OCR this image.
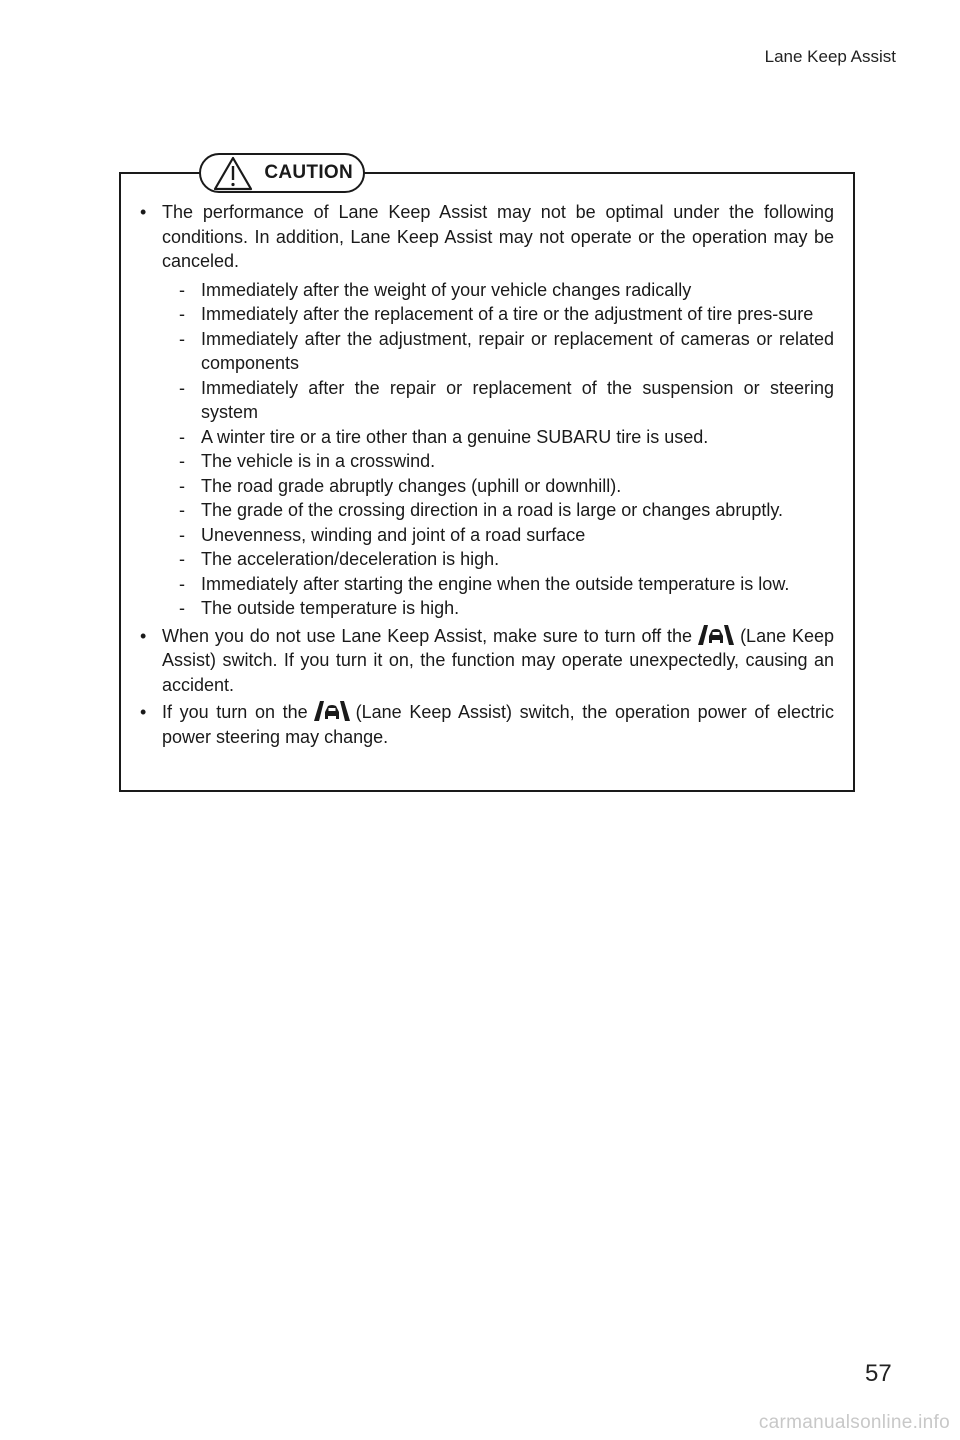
Lane Keep Assist
CAUTION
• The performance of Lane Keep Assist may not be optimal under the following conditions. In addition, Lane Keep Assist may not operate or the operation may be canceled.
- Immediately after the weight of your vehicle changes radically
- Immediately after the replacement of a tire or the adjustment of tire pres-sure
- Immediately after the adjustment, repair or replacement of cameras or related components
- Immediately after the repair or replacement of the suspension or steering system
- A winter tire or a tire other than a genuine SUBARU tire is used.
- The vehicle is in a crosswind.
- The road grade abruptly changes (uphill or downhill).
- The grade of the crossing direction in a road is large or changes abruptly.
- Unevenness, winding and joint of a road surface
- The acceleration/deceleration is high.
- Immediately after starting the engine when the outside temperature is low.
- The outside temperature is high.
• When you do not use Lane Keep Assist, make sure to turn off the	(Lane Keep Assist) switch. If you turn it on, the function may operate unexpectedly, causing an accident.
• If you turn on the	(Lane Keep Assist) switch, the operation power of electric power steering may change.
57
carmanualsonline.info
